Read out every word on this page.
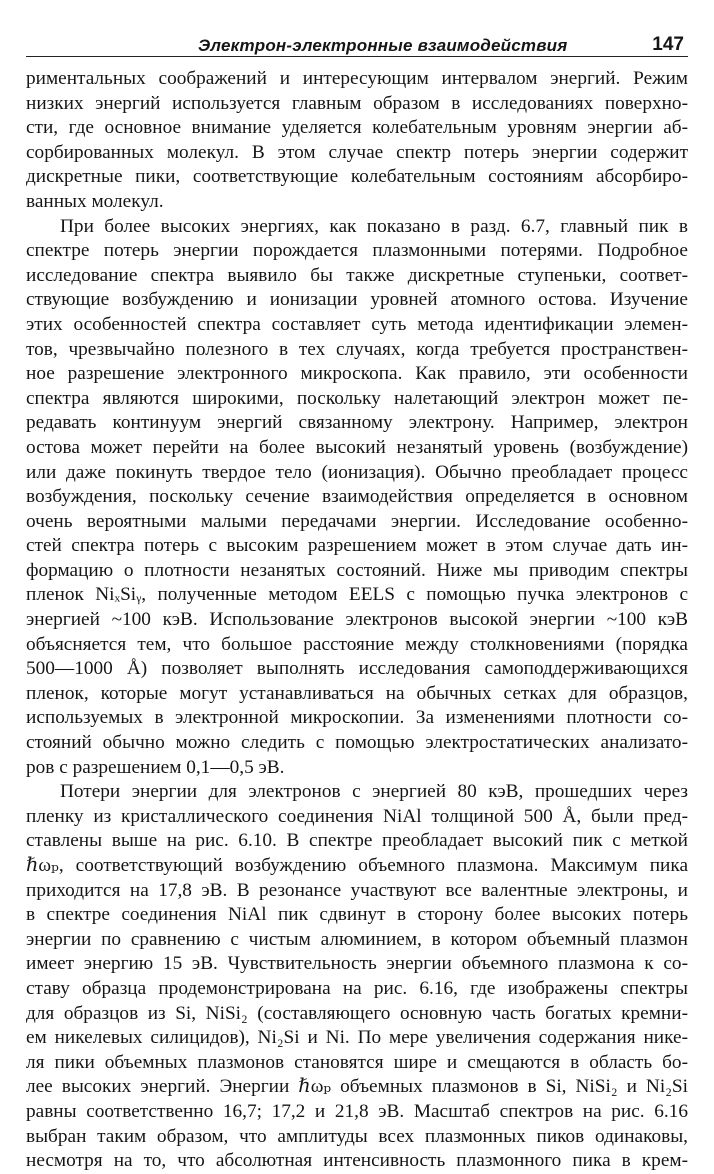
Электрон-электронные взаимодействия	147

риментальных соображений и интересующим интервалом энергий. Режим
низких энергий используется главным образом в исследованиях поверхно-
сти, где основное внимание уделяется колебательным уровням энергии аб-
сорбированных молекул. В этом случае спектр потерь энергии содержит
дискретные пики, соответствующие колебательным состояниям абсорбиро-
ванных молекул.

При более высоких энергиях, как показано в разд. 6.7, главный пик в
спектре потерь энергии порождается плазмонными потерями. Подробное
исследование спектра выявило бы также дискретные ступеньки, соответ-
ствующие возбуждению и ионизации уровней атомного остова. Изучение
этих особенностей спектра составляет суть метода идентификации элемен-
тов, чрезвычайно полезного в тех случаях, когда требуется пространствен-
ное разрешение электронного микроскопа. Как правило, эти особенности
спектра являются широкими, поскольку налетающий электрон может пе-
редавать континуум энергий связанному электрону. Например, электрон
остова может перейти на более высокий незанятый уровень (возбуждение)
или даже покинуть твердое тело (ионизация). Обычно преобладает процесс
возбуждения, поскольку сечение взаимодействия определяется в основном
очень вероятными малыми передачами энергии. Исследование особенно-
стей спектра потерь с высоким разрешением может в этом случае дать ин-
формацию о плотности незанятых состояний. Ниже мы приводим спектры
пленок NiₓSiᵧ, полученные методом EELS с помощью пучка электронов с
энергией ~100 кэВ. Использование электронов высокой энергии ~100 кэВ
объясняется тем, что большое расстояние между столкновениями (порядка
500—1000 Å) позволяет выполнять исследования самоподдерживающихся
пленок, которые могут устанавливаться на обычных сетках для образцов,
используемых в электронной микроскопии. За изменениями плотности со-
стояний обычно можно следить с помощью электростатических анализато-
ров с разрешением 0,1—0,5 эВ.

Потери энергии для электронов с энергией 80 кэВ, прошедших через
пленку из кристаллического соединения NiAl толщиной 500 Å, были пред-
ставлены выше на рис. 6.10. В спектре преобладает высокий пик с меткой
ℏωₚ, соответствующий возбуждению объемного плазмона. Максимум пика
приходится на 17,8 эВ. В резонансе участвуют все валентные электроны, и
в спектре соединения NiAl пик сдвинут в сторону более высоких потерь
энергии по сравнению с чистым алюминием, в котором объемный плазмон
имеет энергию 15 эВ. Чувствительность энергии объемного плазмона к со-
ставу образца продемонстрирована на рис. 6.16, где изображены спектры
для образцов из Si, NiSi₂ (составляющего основную часть богатых кремни-
ем никелевых силицидов), Ni₂Si и Ni. По мере увеличения содержания нике-
ля пики объемных плазмонов становятся шире и смещаются в область бо-
лее высоких энергий. Энергии ℏωₚ объемных плазмонов в Si, NiSi₂ и Ni₂Si
равны соответственно 16,7; 17,2 и 21,8 эВ. Масштаб спектров на рис. 6.16
выбран таким образом, что амплитуды всех плазмонных пиков одинаковы,
несмотря на то, что абсолютная интенсивность плазмонного пика в крем-
